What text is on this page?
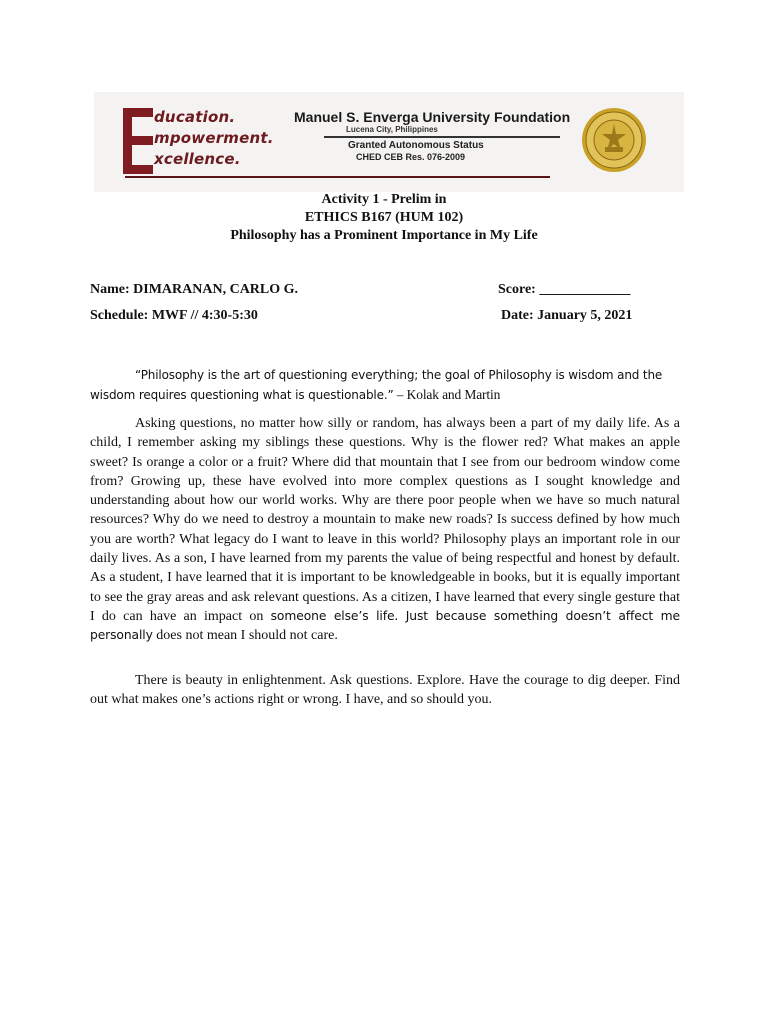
ducation.
mpowerment.
xcellence.
Manuel S. Enverga University Foundation
Lucena City, Philippines
Granted Autonomous Status
CHED CEB Res. 076-2009
Activity 1 - Prelim in
ETHICS B167 (HUM 102)
Philosophy has a Prominent Importance in My Life
Name: DIMARANAN, CARLO G.	Score: _____________
Schedule: MWF // 4:30-5:30	Date: January 5, 2021
“Philosophy is the art of questioning everything; the goal of Philosophy is wisdom and the wisdom requires questioning what is questionable.” – Kolak and Martin
Asking questions, no matter how silly or random, has always been a part of my daily life. As a child, I remember asking my siblings these questions. Why is the flower red? What makes an apple sweet? Is orange a color or a fruit? Where did that mountain that I see from our bedroom window come from? Growing up, these have evolved into more complex questions as I sought knowledge and understanding about how our world works. Why are there poor people when we have so much natural resources? Why do we need to destroy a mountain to make new roads? Is success defined by how much you are worth? What legacy do I want to leave in this world? Philosophy plays an important role in our daily lives. As a son, I have learned from my parents the value of being respectful and honest by default. As a student, I have learned that it is important to be knowledgeable in books, but it is equally important to see the gray areas and ask relevant questions. As a citizen, I have learned that every single gesture that I do can have an impact on someone else’s life. Just because something doesn’t affect me personally does not mean I should not care.
There is beauty in enlightenment. Ask questions. Explore. Have the courage to dig deeper. Find out what makes one’s actions right or wrong. I have, and so should you.
